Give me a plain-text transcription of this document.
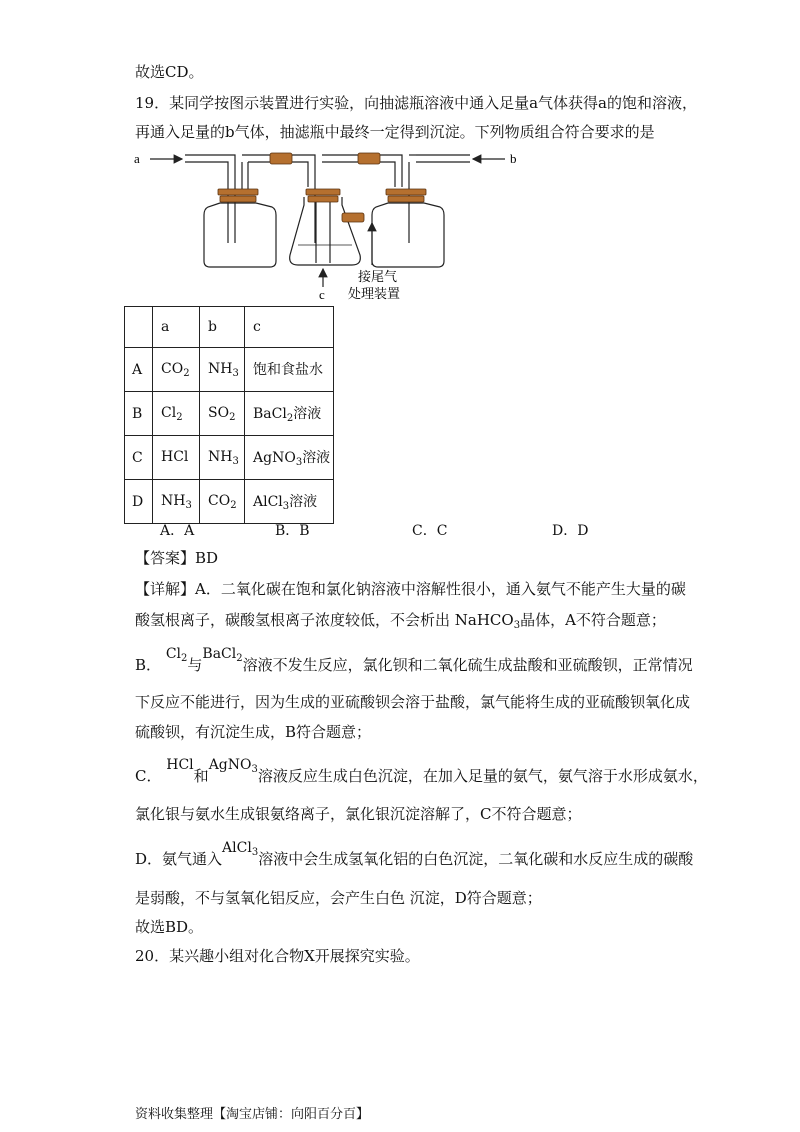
故选CD。
19．某同学按图示装置进行实验，向抽滤瓶溶液中通入足量a气体获得a的饱和溶液，
再通入足量的b气体，抽滤瓶中最终一定得到沉淀。下列物质组合符合要求的是
a	b
c
接尾气
处理装置
	a	b	c
A	$CO_2$	$NH_3$	饱和食盐水
B	$Cl_2$	$SO_2$	BaCl$_2$溶液
C	HCl	$NH_3$	AgNO$_3$溶液
D	$NH_3$	$CO_2$	AlCl$_3$溶液
A．A	B．B	C．C	D．D
【答案】BD
【详解】A．二氧化碳在饱和氯化钠溶液中溶解性很小，通入氨气不能产生大量的碳
酸氢根离子，碳酸氢根离子浓度较低，不会析出 NaHCO$_3$晶体，A不符合题意；
B． $Cl_2$与BaCl$_2$溶液不发生反应，氯化钡和二氧化硫生成盐酸和亚硫酸钡，正常情况
下反应不能进行，因为生成的亚硫酸钡会溶于盐酸，氯气能将生成的亚硫酸钡氧化成
硫酸钡，有沉淀生成，B符合题意；
C． HCl和AgNO$_3$溶液反应生成白色沉淀，在加入足量的氨气，氨气溶于水形成氨水，
氯化银与氨水生成银氨络离子，氯化银沉淀溶解了，C不符合题意；
D．氨气通入AlCl$_3$溶液中会生成氢氧化铝的白色沉淀，二氧化碳和水反应生成的碳酸
是弱酸，不与氢氧化铝反应，会产生白色 沉淀，D符合题意；
故选BD。
20．某兴趣小组对化合物X开展探究实验。
资料收集整理【淘宝店铺：向阳百分百】
